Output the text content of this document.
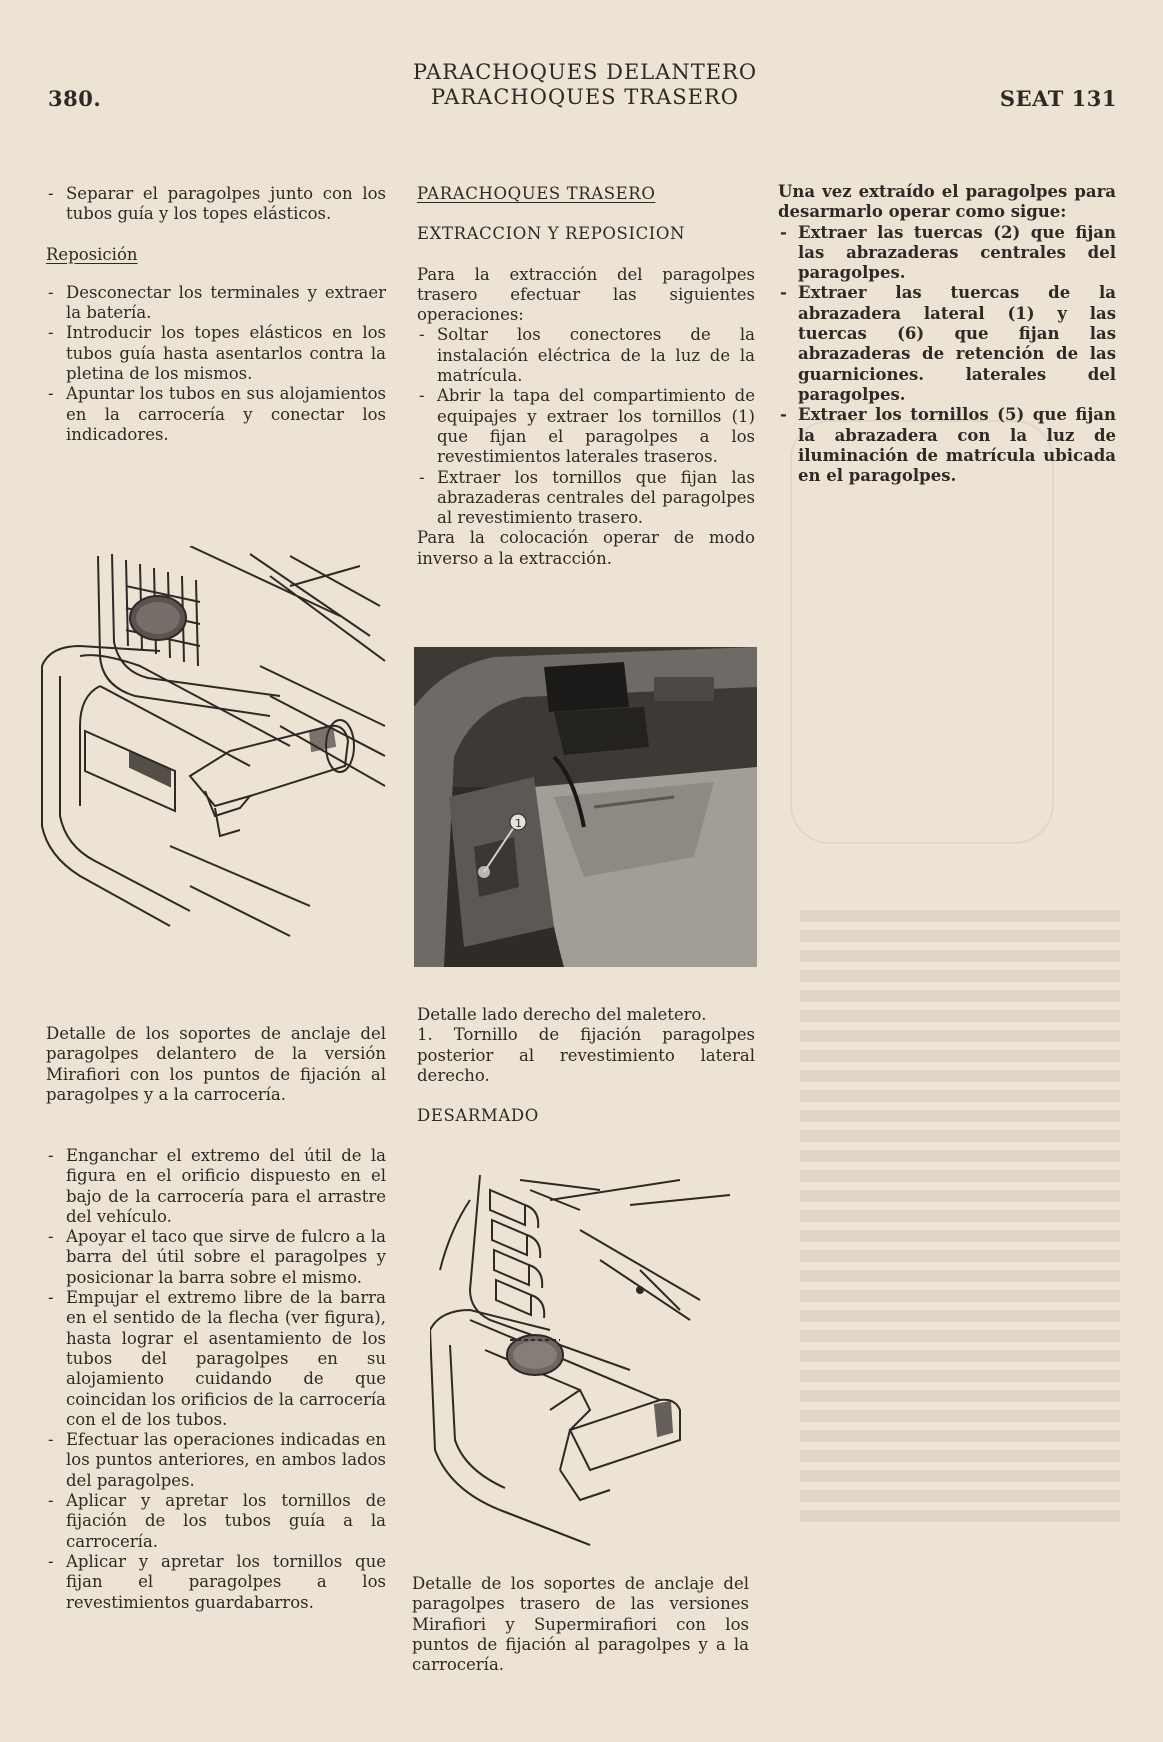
380.
PARACHOQUES DELANTERO
PARACHOQUES TRASERO	SEAT 131

- Separar el paragolpes junto con los tubos guía y los topes elásticos.

Reposición

- Desconectar los terminales y extraer la batería.

- Introducir los topes elásticos en los tubos guía hasta asentarlos contra la pletina de los mismos.

- Apuntar los tubos en sus alojamientos en la carrocería y conectar los indicadores.

Detalle de los soportes de anclaje del paragolpes delantero de la versión Mirafiori con los puntos de fijación al paragolpes y a la carrocería.

- Enganchar el extremo del útil de la figura en el orificio dispuesto en el bajo de la carrocería para el arrastre del vehículo.

- Apoyar el taco que sirve de fulcro a la barra del útil sobre el paragolpes y posicionar la barra sobre el mismo.

- Empujar el extremo libre de la barra en el sentido de la flecha (ver figura), hasta lograr el asentamiento de los tubos del paragolpes en su alojamiento cuidando de que coincidan los orificios de la carrocería con el de los tubos.

- Efectuar las operaciones indicadas en los puntos anteriores, en ambos lados del paragolpes.

- Aplicar y apretar los tornillos de fijación de los tubos guía a la carrocería.

- Aplicar y apretar los tornillos que fijan el paragolpes a los revestimientos guardabarros.

PARACHOQUES TRASERO
EXTRACCION Y REPOSICION

Para la extracción del paragolpes trasero efectuar las siguientes operaciones:

- Soltar los conectores de la instalación eléctrica de la luz de la matrícula.

- Abrir la tapa del compartimiento de equipajes y extraer los tornillos (1) que fijan el paragolpes a los revestimientos laterales traseros.

- Extraer los tornillos que fijan las abrazaderas centrales del paragolpes al revestimiento trasero.

Para la colocación operar de modo inverso a la extracción.

1

Detalle lado derecho del maletero.

1. Tornillo de fijación paragolpes posterior al revestimiento lateral derecho.

DESARMADO
Detalle de los soportes de anclaje del paragolpes trasero de las versiones Mirafiori y Supermirafiori con los puntos de fijación al paragolpes y a la carrocería.

Una vez extraído el paragolpes para desarmarlo operar como sigue:

- Extraer las tuercas (2) que fijan las abrazaderas centrales del paragolpes.

- Extraer las tuercas de la abrazadera lateral (1) y las tuercas (6) que fijan las abrazaderas de retención de las guarniciones. laterales del paragolpes.

- Extraer los tornillos (5) que fijan la abrazadera con la luz de iluminación de matrícula ubicada en el paragolpes.
